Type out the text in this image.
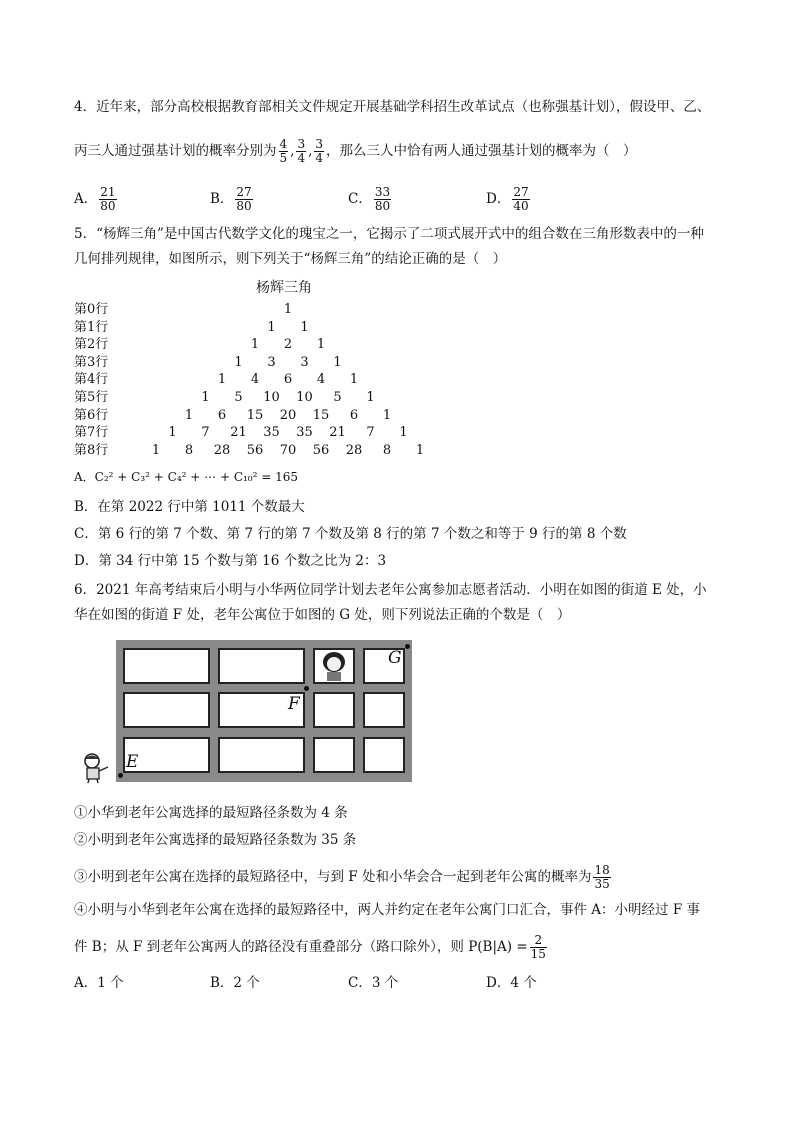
4．近年来，部分高校根据教育部相关文件规定开展基础学科招生改革试点（也称强基计划），假设甲、乙、
丙三人通过强基计划的概率分别为 $\frac{4}{5}$ , $\frac{3}{4}$ , $\frac{3}{4}$ ，那么三人中恰有两人通过强基计划的概率为（　）
A． $\frac{21}{80}$	B． $\frac{27}{80}$	C． $\frac{33}{80}$	D． $\frac{27}{40}$
5．“杨辉三角”是中国古代数学文化的瑰宝之一，它揭示了二项式展开式中的组合数在三角形数表中的一种
几何排列规律，如图所示，则下列关于“杨辉三角”的结论正确的是（　）
杨辉三角
第0行	1
第1行	1 1
第2行	1 2 1
第3行	1 3 3 1
第4行	1 4 6 4 1
第5行	1 5 10 10 5 1
第6行	1 6 15 20 15 6 1
第7行	1 7 21 35 35 21 7 1
第8行	1 8 28 56 70 56 28 8 1
A．C₂² + C₃² + C₄² + ⋯ + C₁₀² = 165
B．在第 2022 行中第 1011 个数最大
C．第 6 行的第 7 个数、第 7 行的第 7 个数及第 8 行的第 7 个数之和等于 9 行的第 8 个数
D．第 34 行中第 15 个数与第 16 个数之比为 2：3
6．2021 年高考结束后小明与小华两位同学计划去老年公寓参加志愿者活动．小明在如图的街道 E 处，小
华在如图的街道 F 处，老年公寓位于如图的 G 处，则下列说法正确的个数是（　）
G
F
E
①小华到老年公寓选择的最短路径条数为 4 条
②小明到老年公寓选择的最短路径条数为 35 条
③小明到老年公寓在选择的最短路径中，与到 F 处和小华会合一起到老年公寓的概率为 $\frac{18}{35}$
④小明与小华到老年公寓在选择的最短路径中，两人并约定在老年公寓门口汇合，事件 A：小明经过 F 事
件 B；从 F 到老年公寓两人的路径没有重叠部分（路口除外），则 $P(B|A) = \frac{2}{15}$
A．1 个	B．2 个	C．3 个	D．4 个
